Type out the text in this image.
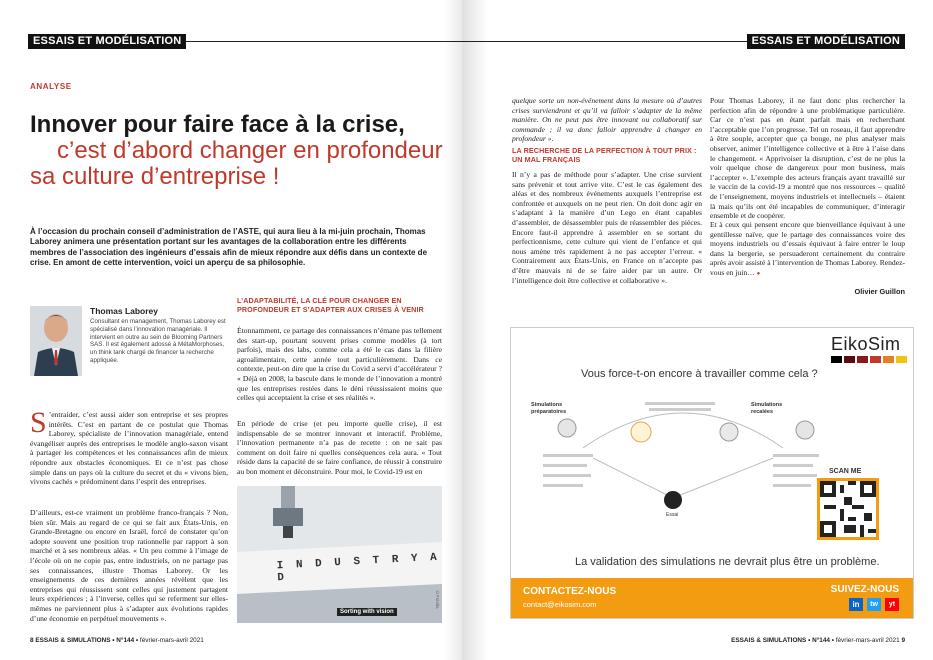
ESSAIS ET MODÉLISATION
ANALYSE
Innover pour faire face à la crise,
c’est d’abord changer en profondeur
sa culture d’entreprise !

À l’occasion du prochain conseil d’administration de l’ASTE, qui aura lieu à la mi-juin prochain, Thomas Laborey animera une présentation portant sur les avantages de la collaboration entre les différents membres de l’association des ingénieurs d’essais afin de mieux répondre aux défis dans un contexte de crise. En amont de cette intervention, voici un aperçu de sa philosophie.

Thomas Laborey

Consultant en management, Thomas Laborey est spécialisé dans l’innovation managériale. Il intervient en outre au sein de Blooming Partners SAS. Il est également adossé à MétaMorphoses, un think tank chargé de financer la recherche appliquée.

S ’entraider, c’est aussi aider son entreprise et ses propres intérêts. C’est en partant de ce postulat que Thomas Laborey, spécialiste de l’innovation managériale, entend évangéliser auprès des entreprises le modèle anglo-saxon visant à partager les compétences et les connaissances afin de mieux répondre aux obstacles économiques. Et ce n’est pas chose simple dans un pays où la culture du secret et du « vivons bien, vivons cachés » prédominent dans l’esprit des entreprises.
D’ailleurs, est-ce vraiment un problème franco-français ? Non, bien sûr. Mais au regard de ce qui se fait aux États-Unis, en Grande-Bretagne ou encore en Israël, forcé de constater qu’on adopte souvent une position trop rationnelle par rapport à son marché et à ses nombreux aléas. « Un peu comme à l’image de l’école où on ne copie pas, entre industriels, on ne partage pas ses connaissances, illustre Thomas Laborey. Or les enseignements de ces dernières années révèlent que les entreprises qui réussissent sont celles qui justement partagent leurs expériences ; à l’inverse, celles qui se referment sur elles-mêmes ne parviennent plus à s’adapter aux évolutions rapides d’une économie en perpétuel mouvements ».
L’ADAPTABILITÉ, LA CLÉ POUR CHANGER EN PROFONDEUR ET S’ADAPTER AUX CRISES À VENIR
Étonnamment, ce partage des connaissances n’émane pas tellement des start-up, pourtant souvent prises comme modèles (à tort parfois), mais des labs, comme cela a été le cas dans la filière agroalimentaire, cette année tout particulièrement. Dans ce contexte, peut-on dire que la crise du Covid a servi d’accélérateur ? « Déjà en 2008, la bascule dans le monde de l’innovation a montré que les entreprises restées dans le déni réussissaient moins que celles qui acceptaient la crise et ses réalités ».
En période de crise (et peu importe quelle crise), il est indispensable de se montrer innovant et interactif. Problème, l’innovation permanente n’a pas de recette : on ne sait pas comment on doit faire ni quelles conséquences cela aura. « Tout réside dans la capacité de se faire confiance, de réussir à construire au bon moment et déconstruire. Pour moi, le Covid-19 est en
I N D U S T R Y A D
Sorting with vision
©Fotolia
8 ESSAIS & SIMULATIONS • N°144 • février-mars-avril 2021
ESSAIS ET MODÉLISATION
quelque sorte un non-événement dans la mesure où d’autres crises surviendront et qu’il va falloir s’adapter de la même manière. On ne peut pas être innovant ou collaboratif sur commande ; il va donc falloir apprendre à changer en profondeur ».
LA RECHERCHE DE LA PERFECTION À TOUT PRIX : UN MAL FRANÇAIS
Il n’y a pas de méthode pour s’adapter. Une crise survient sans prévenir et tout arrive vite. C’est le cas également des aléas et des nombreux événements auxquels l’entreprise est confrontée et auxquels on ne peut rien. On doit donc agir en s’adaptant à la manière d’un Lego en étant capables d’assembler, de désassembler puis de réassembler des pièces. Encore faut-il apprendre à assembler en se sortant du perfectionnisme, cette culture qui vient de l’enfance et qui nous amène très rapidement à ne pas accepter l’erreur. « Contrairement aux États-Unis, en France on n’accepte pas d’être mauvais ni de se faire aider par un autre. Or l’intelligence doit être collective et collaborative ».
Pour Thomas Laborey, il ne faut donc plus rechercher la perfection afin de répondre à une problématique particulière. Car ce n’est pas en étant parfait mais en recherchant l’acceptable que l’on progresse. Tel un roseau, il faut apprendre à être souple, accepter que ça bouge, ne plus analyser mais observer, animer l’intelligence collective et à être à l’aise dans le changement. « Apprivoiser la disruption, c’est de ne plus la voir quelque chose de dangereux pour mon business, mais l’accepter ». L’exemple des acteurs français ayant travaillé sur le vaccin de la covid-19 a montré que nos ressources – qualité de l’enseignement, moyens industriels et intellectuels – étaient là mais qu’ils ont été incapables de communiquer, d’interagir ensemble et de coopérer.
Et à ceux qui pensent encore que bienveillance équivaut à une gentillesse naïve, que le partage des connaissances voire des moyens industriels ou d’essais équivaut à faire entrer le loup dans la bergerie, se persuaderont certainement du contraire après avoir assisté à l’intervention de Thomas Laborey. Rendez-vous en juin… ●
Olivier Guillon
EikoSim
Vous force-t-on encore à travailler comme cela ?
Simulations préparatoires
Simulations recalées
Essai
SCAN ME
La validation des simulations ne devrait plus être un problème.
CONTACTEZ-NOUS
contact@eikosim.com
SUIVEZ-NOUS
in	tw	yt
ESSAIS & SIMULATIONS • N°144 • février-mars-avril 2021 9
